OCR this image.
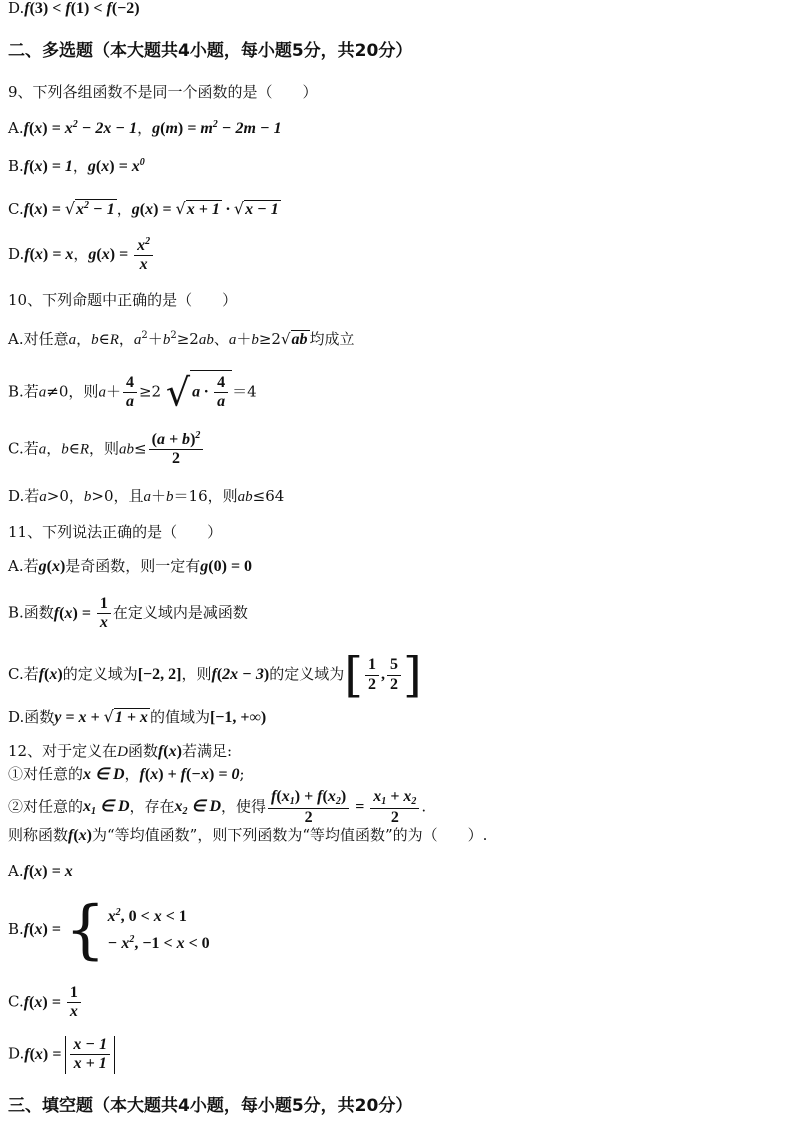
D.f(3) < f(1) < f(−2)
二、多选题（本大题共4小题，每小题5分，共20分）
9、下列各组函数不是同一个函数的是（　　）
$A.f(x) = x^2 - 2x - 1$，$g(m) = m^2 - 2m - 1$
B.f(x) = 1，$g(x) = x^0$
$C.f(x) = √x^2 - 1$ ，g(x) = √x + 1 · √x − 1
D.f(x) = x，$g(x) = \frac{x^2}{x}$
10、下列命题中正确的是（　　）
A.对任意a，b∈R，$a^2+b^2\ge 2ab$、a＋b≥2√ab 均成立
B.若a≠0，则$a+ \frac{4}{a} \ge 2$ √ $a \cdot \frac{4}{a} =4$
C.若a，b∈R，则$ab\le \frac{(a + b)^2}{2}$
D.若a>0，b>0，且a＋b＝16，则ab≤64
11、下列说法正确的是（　　）
A.若g(x)是奇函数，则一定有g(0) = 0
B.函数$f(x) = \frac{1}{x}$ 在定义域内是减函数
C.若f(x)的定义域为[−2, 2]，则f(2x − 3)的定义域为[ $\frac{1}{2}$ , $\frac{5}{2}$ ]
D.函数y = x + √1 + x 的值域为[−1, +∞)
12、对于定义在D函数f(x)若满足:
①对任意的x ∈ D，f(x) + f(−x) = 0;
②对任意的$x_1$ ∈ D，存在$x_2$ ∈ D，使得 $\frac{f(x_1) + f(x_2)}{2} = \frac{x_1 + x_2}{2}$ .
则称函数f(x)为“等均值函数”，则下列函数为“等均值函数”的为（　　）.
A.f(x) = x
B.f(x) = { $x^2$, 0 < x < 1
− $x^2$, −1 < x < 0
$C.f(x) = \frac{1}{x}$
$D.f(x) = \frac{x - 1}{x + 1}$
三、填空题（本大题共4小题，每小题5分，共20分）
